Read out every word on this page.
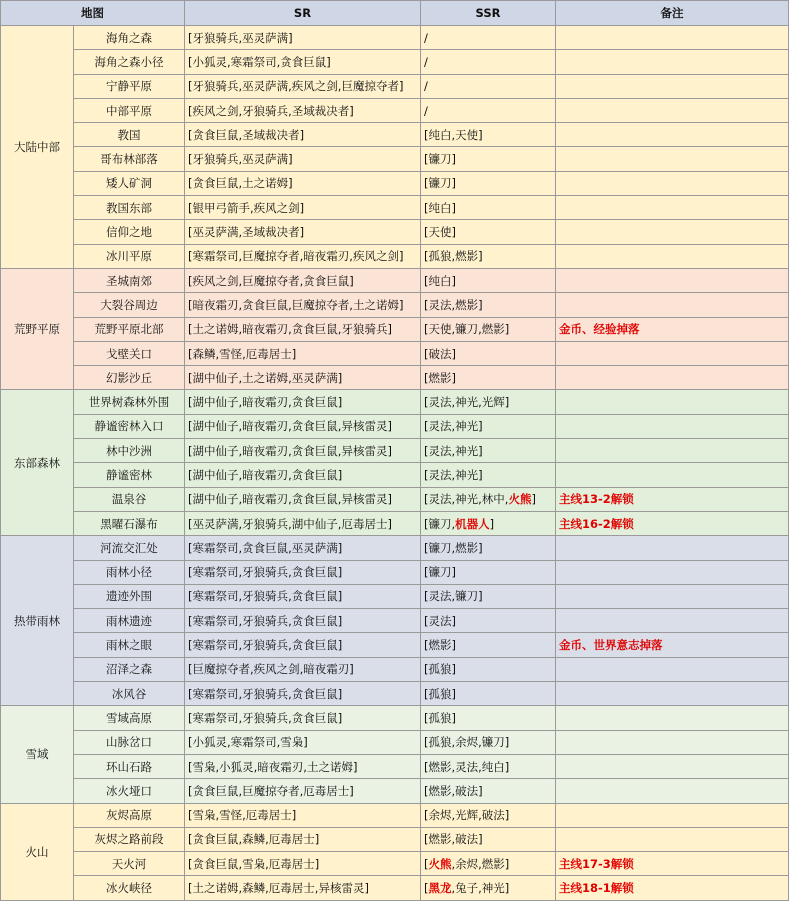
地图		SR	SSR	备注
大陆中部	海角之森	[牙狼骑兵,巫灵萨满]	/	
	海角之森小径	[小狐灵,寒霜祭司,贪食巨鼠]	/	
	宁静平原	[牙狼骑兵,巫灵萨满,疾风之剑,巨魔掠夺者]	/	
	中部平原	[疾风之剑,牙狼骑兵,圣域裁决者]	/	
	教国	[贪食巨鼠,圣域裁决者]	[纯白,天使]	
	哥布林部落	[牙狼骑兵,巫灵萨满]	[镰刀]	
	矮人矿洞	[贪食巨鼠,土之诺姆]	[镰刀]	
	教国东部	[银甲弓箭手,疾风之剑]	[纯白]	
	信仰之地	[巫灵萨满,圣域裁决者]	[天使]	
	冰川平原	[寒霜祭司,巨魔掠夺者,暗夜霜刃,疾风之剑]	[孤狼,燃影]	
荒野平原	圣城南郊	[疾风之剑,巨魔掠夺者,贪食巨鼠]	[纯白]	
	大裂谷周边	[暗夜霜刃,贪食巨鼠,巨魔掠夺者,土之诺姆]	[灵法,燃影]	
	荒野平原北部	[土之诺姆,暗夜霜刃,贪食巨鼠,牙狼骑兵]	[天使,镰刀,燃影]	金币、经验掉落
	戈壁关口	[森鳞,雪怪,厄毒居士]	[破法]	
	幻影沙丘	[湖中仙子,土之诺姆,巫灵萨满]	[燃影]	
东部森林	世界树森林外围	[湖中仙子,暗夜霜刃,贪食巨鼠]	[灵法,神光,光辉]	
	静谧密林入口	[湖中仙子,暗夜霜刃,贪食巨鼠,异核雷灵]	[灵法,神光]	
	林中沙洲	[湖中仙子,暗夜霜刃,贪食巨鼠,异核雷灵]	[灵法,神光]	
	静谧密林	[湖中仙子,暗夜霜刃,贪食巨鼠]	[灵法,神光]	
	温泉谷	[湖中仙子,暗夜霜刃,贪食巨鼠,异核雷灵]	[灵法,神光,林中,火熊]	主线13-2解锁
	黑曜石瀑布	[巫灵萨满,牙狼骑兵,湖中仙子,厄毒居士]	[镰刀,机器人]	主线16-2解锁
热带雨林	河流交汇处	[寒霜祭司,贪食巨鼠,巫灵萨满]	[镰刀,燃影]	
	雨林小径	[寒霜祭司,牙狼骑兵,贪食巨鼠]	[镰刀]	
	遗迹外围	[寒霜祭司,牙狼骑兵,贪食巨鼠]	[灵法,镰刀]	
	雨林遗迹	[寒霜祭司,牙狼骑兵,贪食巨鼠]	[灵法]	
	雨林之眼	[寒霜祭司,牙狼骑兵,贪食巨鼠]	[燃影]	金币、世界意志掉落
	沼泽之森	[巨魔掠夺者,疾风之剑,暗夜霜刃]	[孤狼]	
	冰风谷	[寒霜祭司,牙狼骑兵,贪食巨鼠]	[孤狼]	
雪域	雪域高原	[寒霜祭司,牙狼骑兵,贪食巨鼠]	[孤狼]	
	山脉岔口	[小狐灵,寒霜祭司,雪枭]	[孤狼,余烬,镰刀]	
	环山石路	[雪枭,小狐灵,暗夜霜刃,土之诺姆]	[燃影,灵法,纯白]	
	冰火垭口	[贪食巨鼠,巨魔掠夺者,厄毒居士]	[燃影,破法]	
火山	灰烬高原	[雪枭,雪怪,厄毒居士]	[余烬,光辉,破法]	
	灰烬之路前段	[贪食巨鼠,森鳞,厄毒居士]	[燃影,破法]	
	天火河	[贪食巨鼠,雪枭,厄毒居士]	[火熊,余烬,燃影]	主线17-3解锁
	冰火峡径	[土之诺姆,森鳞,厄毒居士,异核雷灵]	[黑龙,兔子,神光]	主线18-1解锁
